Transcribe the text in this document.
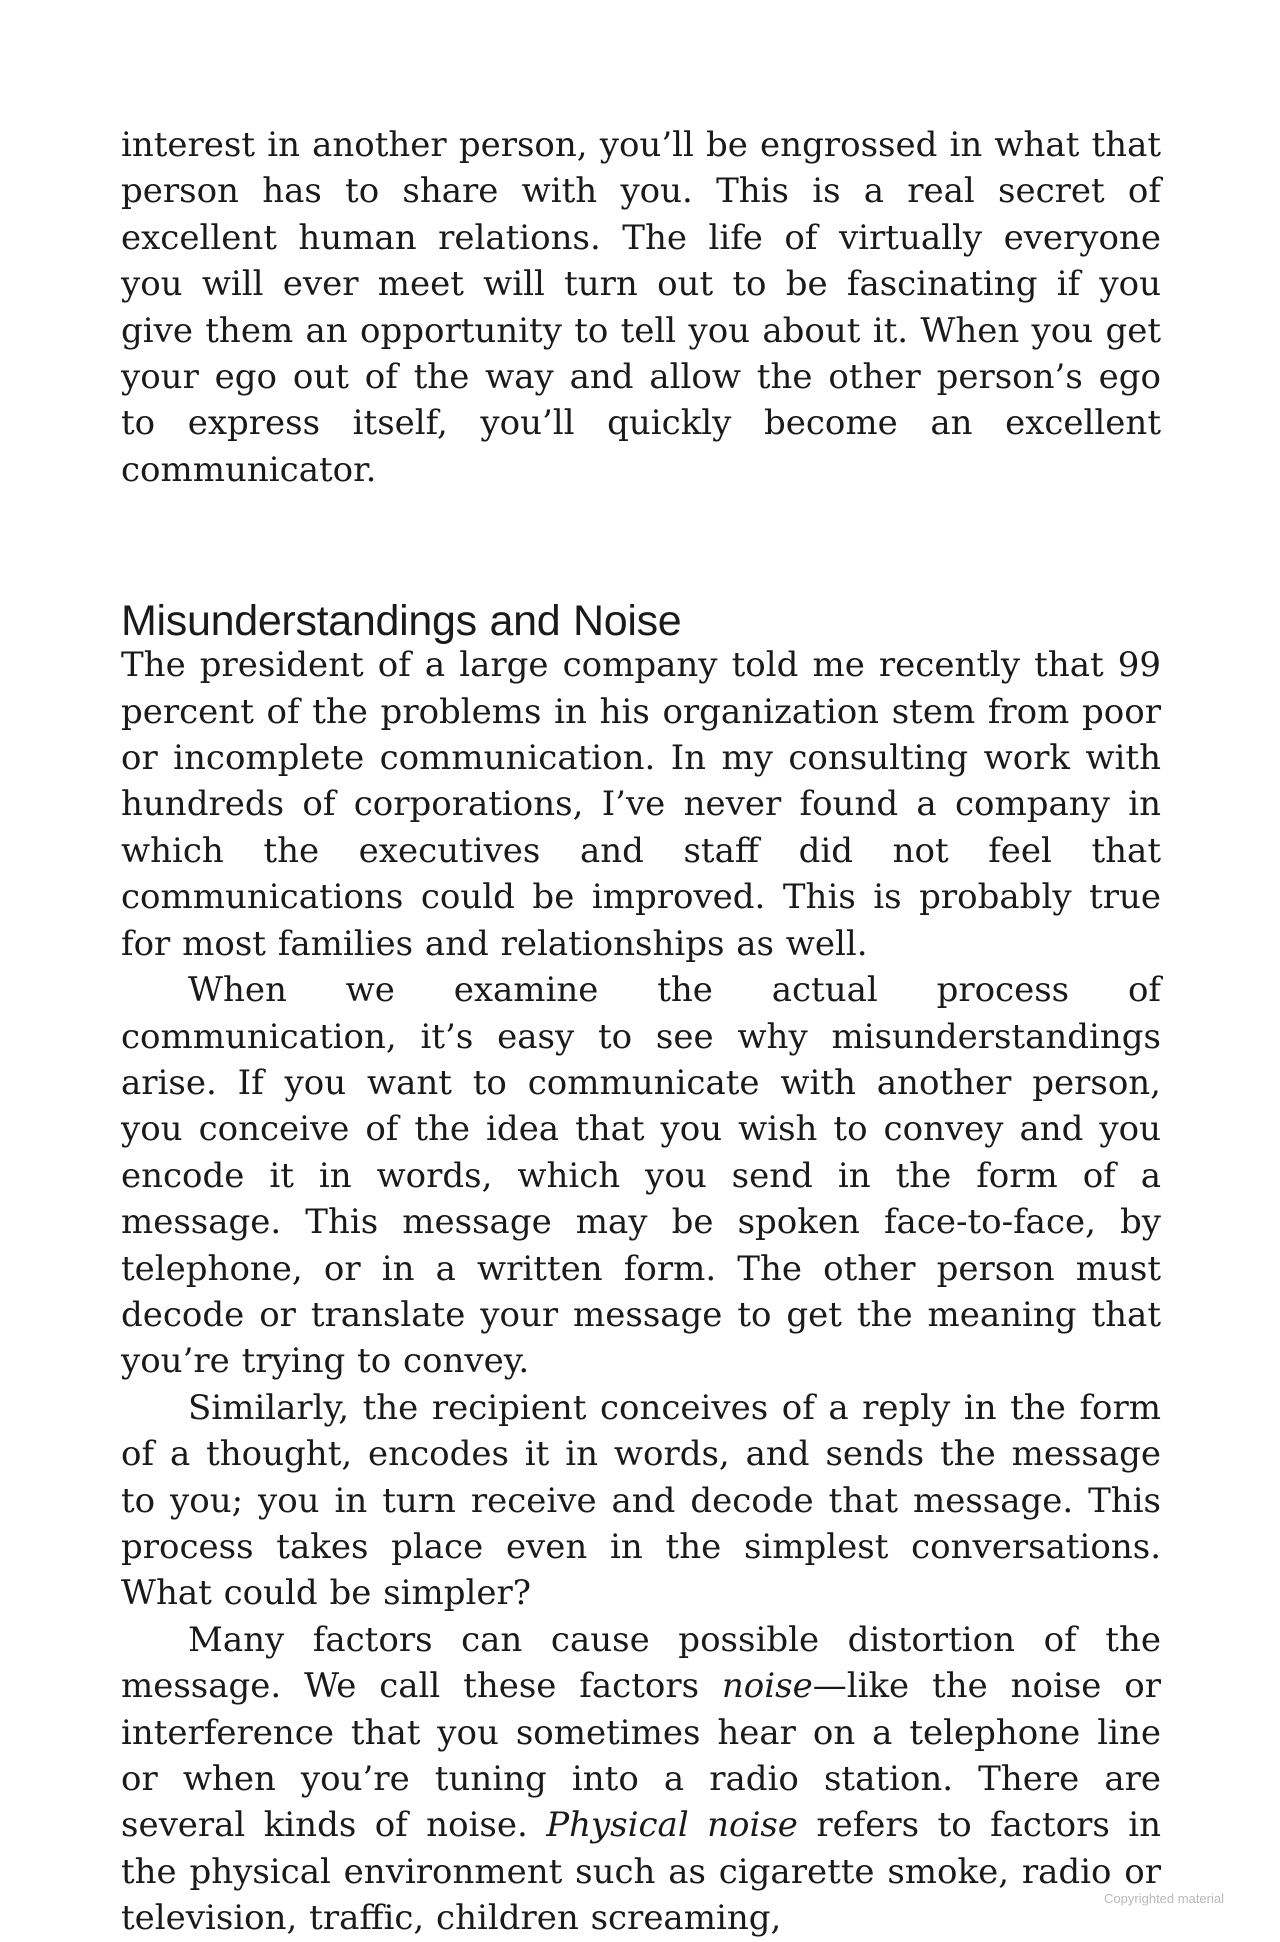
interest in another person, you’ll be engrossed in what that person has to share with you. This is a real secret of excellent human relations. The life of virtually everyone you will ever meet will turn out to be fascinating if you give them an opportunity to tell you about it. When you get your ego out of the way and allow the other person’s ego to express itself, you’ll quickly become an excellent communicator.

Misunderstandings and Noise

The president of a large company told me recently that 99 percent of the problems in his organization stem from poor or incomplete communication. In my consulting work with hundreds of corporations, I’ve never found a company in which the executives and staff did not feel that communications could be improved. This is probably true for most families and relationships as well.

When we examine the actual process of communication, it’s easy to see why misunderstandings arise. If you want to communicate with another person, you conceive of the idea that you wish to convey and you encode it in words, which you send in the form of a message. This message may be spoken face-to-face, by telephone, or in a written form. The other person must decode or translate your message to get the meaning that you’re trying to convey.

Similarly, the recipient conceives of a reply in the form of a thought, encodes it in words, and sends the message to you; you in turn receive and decode that message. This process takes place even in the simplest conversations. What could be simpler?

Many factors can cause possible distortion of the message. We call these factors noise—like the noise or interference that you sometimes hear on a telephone line or when you’re tuning into a radio station. There are several kinds of noise. Physical noise refers to factors in the physical environment such as cigarette smoke, radio or television, traffic, children screaming,	Copyrighted material
